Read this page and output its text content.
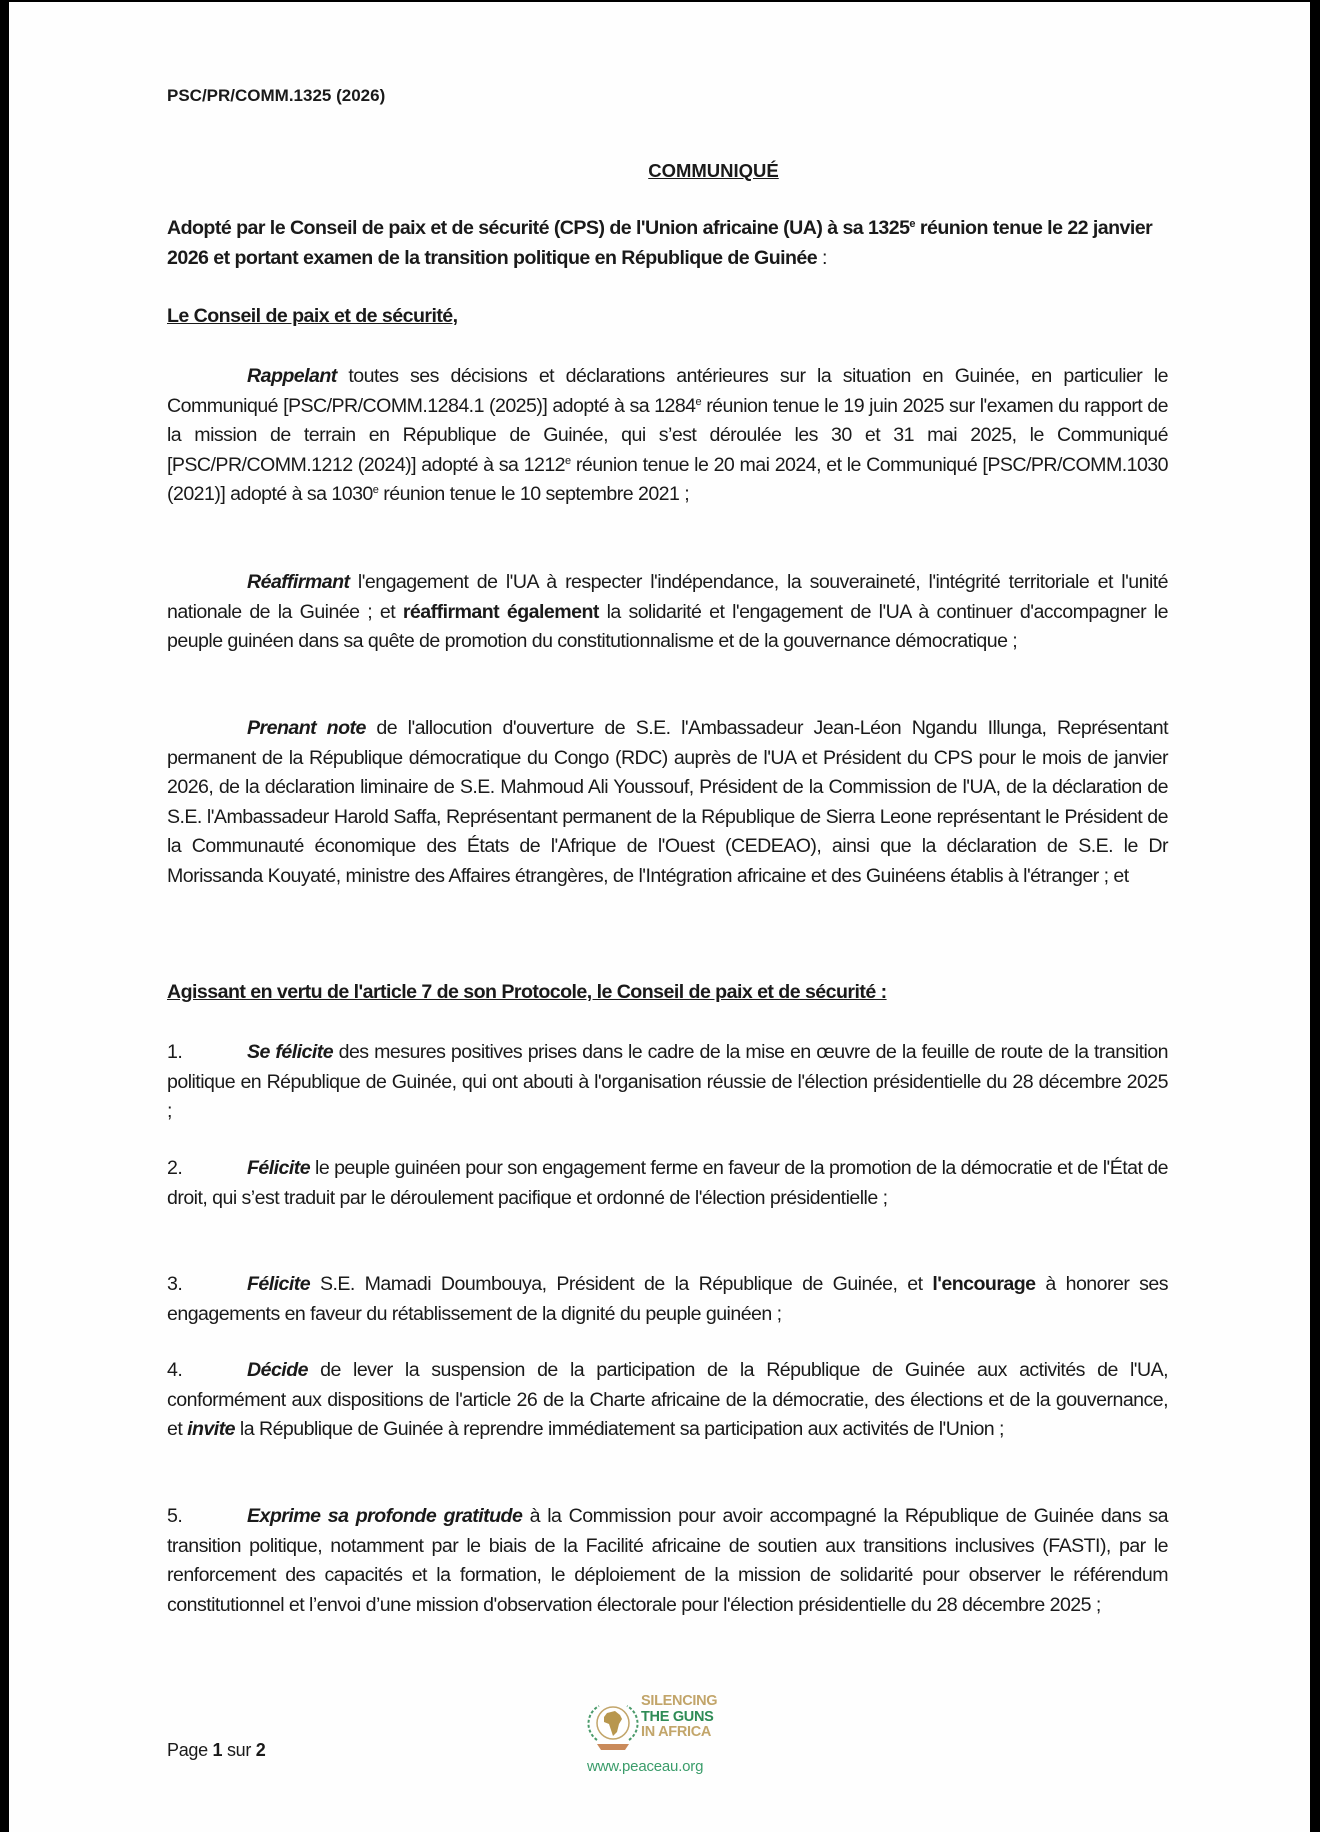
PSC/PR/COMM.1325 (2026)
COMMUNIQUÉ
Adopté par le Conseil de paix et de sécurité (CPS) de l'Union africaine (UA) à sa 1325e réunion tenue le 22 janvier 2026 et portant examen de la transition politique en République de Guinée :
Le Conseil de paix et de sécurité,
Rappelant toutes ses décisions et déclarations antérieures sur la situation en Guinée, en particulier le Communiqué [PSC/PR/COMM.1284.1 (2025)] adopté à sa 1284e réunion tenue le 19 juin 2025 sur l'examen du rapport de la mission de terrain en République de Guinée, qui s’est déroulée les 30 et 31 mai 2025, le Communiqué [PSC/PR/COMM.1212 (2024)] adopté à sa 1212e réunion tenue le 20 mai 2024, et le Communiqué [PSC/PR/COMM.1030 (2021)] adopté à sa 1030e réunion tenue le 10 septembre 2021 ;
Réaffirmant l'engagement de l'UA à respecter l'indépendance, la souveraineté, l'intégrité territoriale et l'unité nationale de la Guinée ; et réaffirmant également la solidarité et l'engagement de l'UA à continuer d'accompagner le peuple guinéen dans sa quête de promotion du constitutionnalisme et de la gouvernance démocratique ;
Prenant note de l'allocution d'ouverture de S.E. l'Ambassadeur Jean-Léon Ngandu Illunga, Représentant permanent de la République démocratique du Congo (RDC) auprès de l'UA et Président du CPS pour le mois de janvier 2026, de la déclaration liminaire de S.E. Mahmoud Ali Youssouf, Président de la Commission de l'UA, de la déclaration de S.E. l'Ambassadeur Harold Saffa, Représentant permanent de la République de Sierra Leone représentant le Président de la Communauté économique des États de l'Afrique de l'Ouest (CEDEAO), ainsi que la déclaration de S.E. le Dr Morissanda Kouyaté, ministre des Affaires étrangères, de l'Intégration africaine et des Guinéens établis à l'étranger ; et
Agissant en vertu de l'article 7 de son Protocole, le Conseil de paix et de sécurité :
1.	Se félicite des mesures positives prises dans le cadre de la mise en œuvre de la feuille de route de la transition politique en République de Guinée, qui ont abouti à l'organisation réussie de l'élection présidentielle du 28 décembre 2025 ;
2.	Félicite le peuple guinéen pour son engagement ferme en faveur de la promotion de la démocratie et de l'État de droit, qui s’est traduit par le déroulement pacifique et ordonné de l'élection présidentielle ;
3.	Félicite S.E. Mamadi Doumbouya, Président de la République de Guinée, et l'encourage à honorer ses engagements en faveur du rétablissement de la dignité du peuple guinéen ;
4.	Décide de lever la suspension de la participation de la République de Guinée aux activités de l'UA, conformément aux dispositions de l'article 26 de la Charte africaine de la démocratie, des élections et de la gouvernance, et invite la République de Guinée à reprendre immédiatement sa participation aux activités de l'Union ;
5.	Exprime sa profonde gratitude à la Commission pour avoir accompagné la République de Guinée dans sa transition politique, notamment par le biais de la Facilité africaine de soutien aux transitions inclusives (FASTI), par le renforcement des capacités et la formation, le déploiement de la mission de solidarité pour observer le référendum constitutionnel et l’envoi d’une mission d'observation électorale pour l'élection présidentielle du 28 décembre 2025 ;
Page 1 sur 2
SILENCING
THE GUNS
IN AFRICA
www.peaceau.org
